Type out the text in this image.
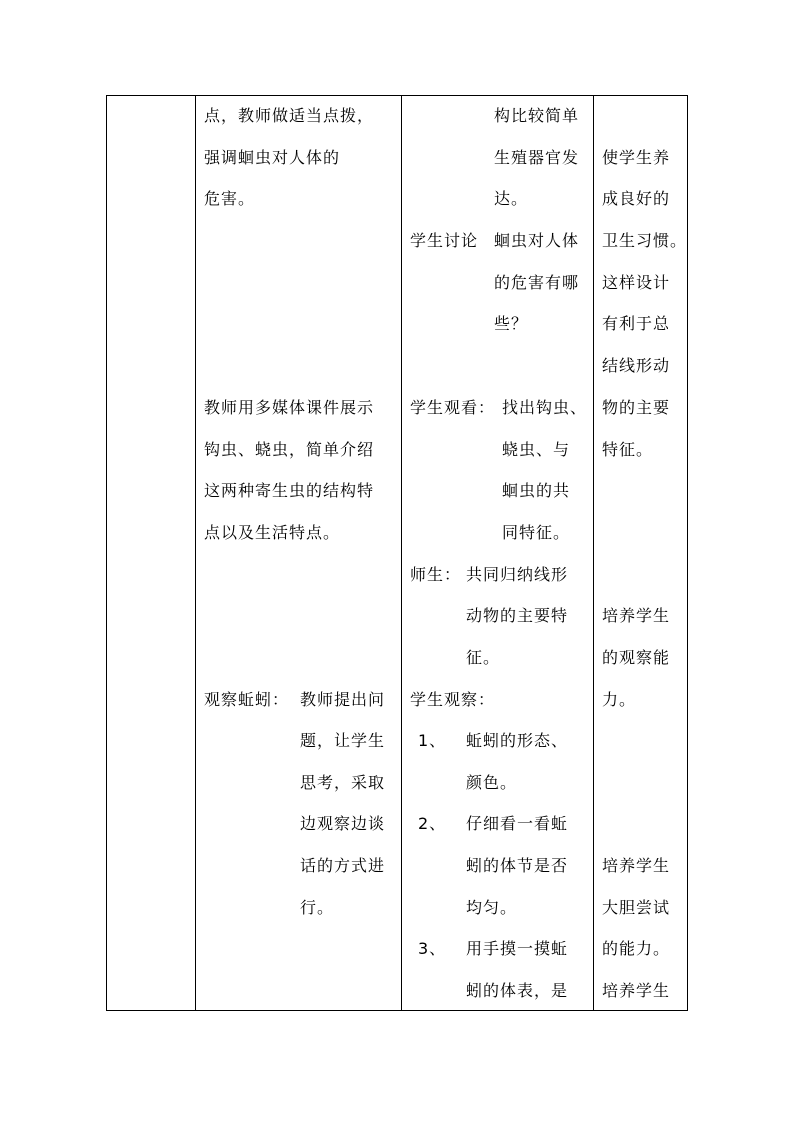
点，教师做适当点拨，
强调蛔虫对人体的
危害。
教师用多媒体课件展示
钩虫、蛲虫，简单介绍
这两种寄生虫的结构特
点以及生活特点。
观察蚯蚓： 教师提出问
题，让学生
思考，采取
边观察边谈
话的方式进
行。
构比较简单
生殖器官发
达。
学生讨论 蛔虫对人体
的危害有哪
些？
学生观看： 找出钩虫、
蛲虫、与
蛔虫的共
同特征。
师生： 共同归纳线形
动物的主要特
征。
学生观察：
1、 蚯蚓的形态、
颜色。
2、 仔细看一看蚯
蚓的体节是否
均匀。
3、 用手摸一摸蚯
蚓的体表，是
使学生养
成良好的
卫生习惯。
这样设计
有利于总
结线形动
物的主要
特征。
培养学生
的观察能
力。
培养学生
大胆尝试
的能力。
培养学生
